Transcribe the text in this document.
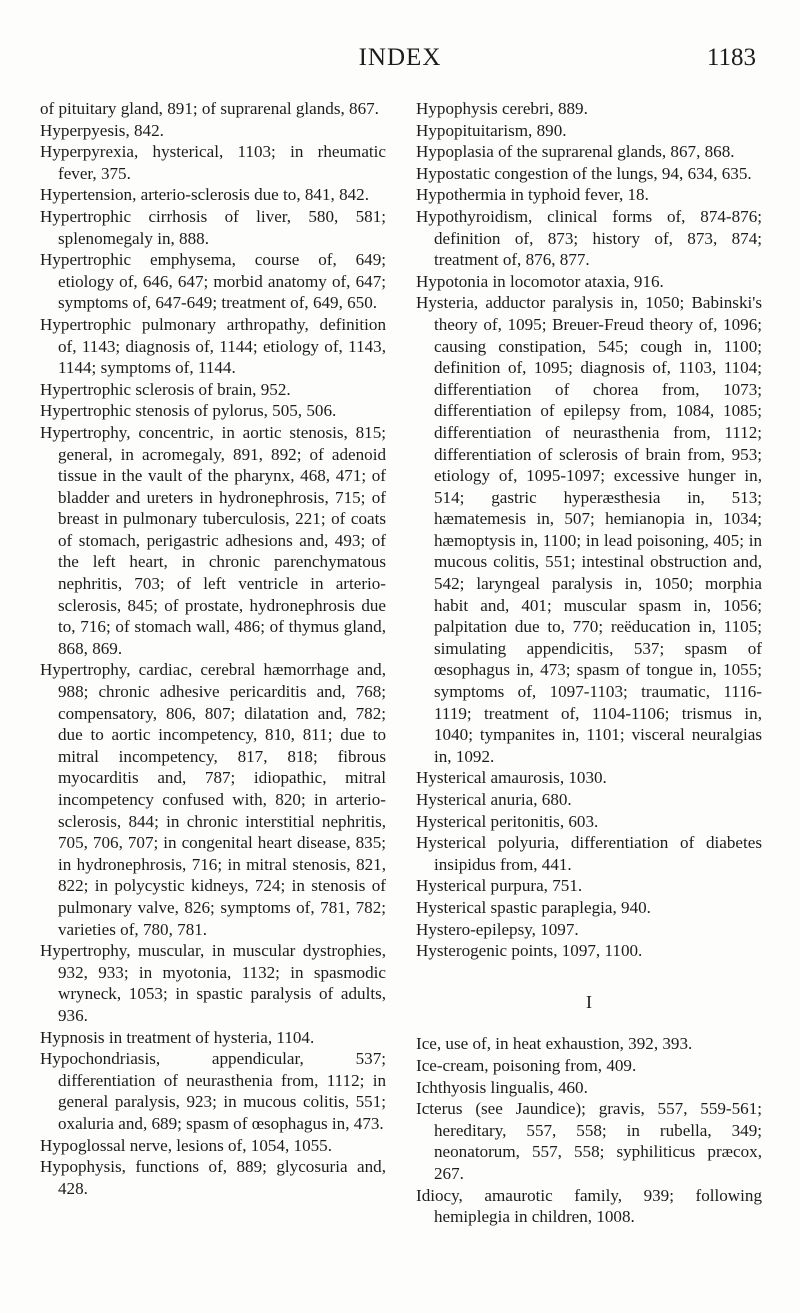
INDEX	1183

of pituitary gland, 891; of suprarenal glands, 867.

Hyperpyesis, 842.

Hyperpyrexia, hysterical, 1103; in rheumatic fever, 375.

Hypertension, arterio-sclerosis due to, 841, 842.

Hypertrophic cirrhosis of liver, 580, 581; splenomegaly in, 888.

Hypertrophic emphysema, course of, 649; etiology of, 646, 647; morbid anatomy of, 647; symptoms of, 647-649; treatment of, 649, 650.

Hypertrophic pulmonary arthropathy, definition of, 1143; diagnosis of, 1144; etiology of, 1143, 1144; symptoms of, 1144.

Hypertrophic sclerosis of brain, 952.

Hypertrophic stenosis of pylorus, 505, 506.

Hypertrophy, concentric, in aortic stenosis, 815; general, in acromegaly, 891, 892; of adenoid tissue in the vault of the pharynx, 468, 471; of bladder and ureters in hydronephrosis, 715; of breast in pulmonary tuberculosis, 221; of coats of stomach, perigastric adhesions and, 493; of the left heart, in chronic parenchymatous nephritis, 703; of left ventricle in arterio-sclerosis, 845; of prostate, hydronephrosis due to, 716; of stomach wall, 486; of thymus gland, 868, 869.

Hypertrophy, cardiac, cerebral hæmorrhage and, 988; chronic adhesive pericarditis and, 768; compensatory, 806, 807; dilatation and, 782; due to aortic incompetency, 810, 811; due to mitral incompetency, 817, 818; fibrous myocarditis and, 787; idiopathic, mitral incompetency confused with, 820; in arterio-sclerosis, 844; in chronic interstitial nephritis, 705, 706, 707; in congenital heart disease, 835; in hydronephrosis, 716; in mitral stenosis, 821, 822; in polycystic kidneys, 724; in stenosis of pulmonary valve, 826; symptoms of, 781, 782; varieties of, 780, 781.

Hypertrophy, muscular, in muscular dystrophies, 932, 933; in myotonia, 1132; in spasmodic wryneck, 1053; in spastic paralysis of adults, 936.

Hypnosis in treatment of hysteria, 1104.

Hypochondriasis, appendicular, 537; differentiation of neurasthenia from, 1112; in general paralysis, 923; in mucous colitis, 551; oxaluria and, 689; spasm of œsophagus in, 473.

Hypoglossal nerve, lesions of, 1054, 1055.

Hypophysis, functions of, 889; glycosuria and, 428.

Hypophysis cerebri, 889.

Hypopituitarism, 890.

Hypoplasia of the suprarenal glands, 867, 868.

Hypostatic congestion of the lungs, 94, 634, 635.

Hypothermia in typhoid fever, 18.

Hypothyroidism, clinical forms of, 874-876; definition of, 873; history of, 873, 874; treatment of, 876, 877.

Hypotonia in locomotor ataxia, 916.

Hysteria, adductor paralysis in, 1050; Babinski's theory of, 1095; Breuer-Freud theory of, 1096; causing constipation, 545; cough in, 1100; definition of, 1095; diagnosis of, 1103, 1104; differentiation of chorea from, 1073; differentiation of epilepsy from, 1084, 1085; differentiation of neurasthenia from, 1112; differentiation of sclerosis of brain from, 953; etiology of, 1095-1097; excessive hunger in, 514; gastric hyperæsthesia in, 513; hæmatemesis in, 507; hemianopia in, 1034; hæmoptysis in, 1100; in lead poisoning, 405; in mucous colitis, 551; intestinal obstruction and, 542; laryngeal paralysis in, 1050; morphia habit and, 401; muscular spasm in, 1056; palpitation due to, 770; reëducation in, 1105; simulating appendicitis, 537; spasm of œsophagus in, 473; spasm of tongue in, 1055; symptoms of, 1097-1103; traumatic, 1116-1119; treatment of, 1104-1106; trismus in, 1040; tympanites in, 1101; visceral neuralgias in, 1092.

Hysterical amaurosis, 1030.

Hysterical anuria, 680.

Hysterical peritonitis, 603.

Hysterical polyuria, differentiation of diabetes insipidus from, 441.

Hysterical purpura, 751.

Hysterical spastic paraplegia, 940.

Hystero-epilepsy, 1097.

Hysterogenic points, 1097, 1100.

I

Ice, use of, in heat exhaustion, 392, 393.

Ice-cream, poisoning from, 409.

Ichthyosis lingualis, 460.

Icterus (see Jaundice); gravis, 557, 559-561; hereditary, 557, 558; in rubella, 349; neonatorum, 557, 558; syphiliticus præcox, 267.

Idiocy, amaurotic family, 939; following hemiplegia in children, 1008.
